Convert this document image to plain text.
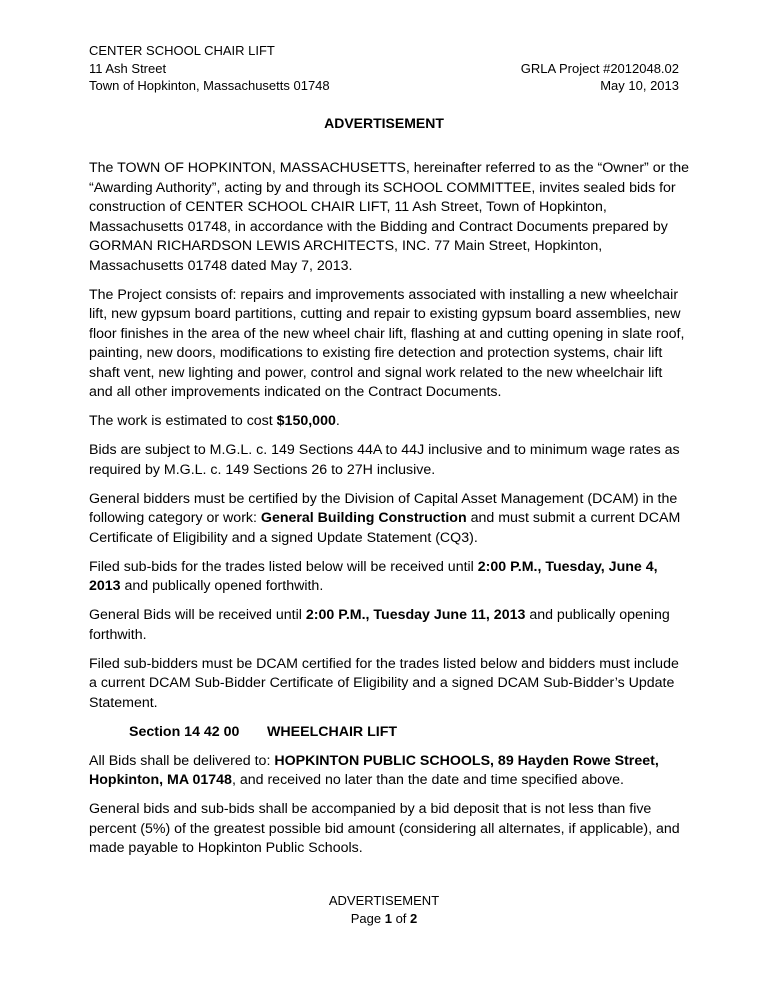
CENTER SCHOOL CHAIR LIFT
11 Ash Street
Town of Hopkinton, Massachusetts 01748
GRLA Project #2012048.02
May 10, 2013
ADVERTISEMENT

The TOWN OF HOPKINTON, MASSACHUSETTS, hereinafter referred to as the “Owner” or the “Awarding Authority”, acting by and through its SCHOOL COMMITTEE, invites sealed bids for construction of CENTER SCHOOL CHAIR LIFT, 11 Ash Street, Town of Hopkinton, Massachusetts 01748, in accordance with the Bidding and Contract Documents prepared by GORMAN RICHARDSON LEWIS ARCHITECTS, INC. 77 Main Street, Hopkinton, Massachusetts 01748 dated May 7, 2013.

The Project consists of: repairs and improvements associated with installing a new wheelchair lift, new gypsum board partitions, cutting and repair to existing gypsum board assemblies, new floor finishes in the area of the new wheel chair lift, flashing at and cutting opening in slate roof, painting, new doors, modifications to existing fire detection and protection systems, chair lift shaft vent, new lighting and power, control and signal work related to the new wheelchair lift and all other improvements indicated on the Contract Documents.

The work is estimated to cost $150,000.

Bids are subject to M.G.L. c. 149 Sections 44A to 44J inclusive and to minimum wage rates as required by M.G.L. c. 149 Sections 26 to 27H inclusive.

General bidders must be certified by the Division of Capital Asset Management (DCAM) in the following category or work: General Building Construction and must submit a current DCAM Certificate of Eligibility and a signed Update Statement (CQ3).

Filed sub-bids for the trades listed below will be received until 2:00 P.M., Tuesday, June 4, 2013 and publically opened forthwith.

General Bids will be received until 2:00 P.M., Tuesday June 11, 2013 and publically opening forthwith.

Filed sub-bidders must be DCAM certified for the trades listed below and bidders must include a current DCAM Sub-Bidder Certificate of Eligibility and a signed DCAM Sub-Bidder’s Update Statement.

Section 14 42 00 WHEELCHAIR LIFT

All Bids shall be delivered to: HOPKINTON PUBLIC SCHOOLS, 89 Hayden Rowe Street, Hopkinton, MA 01748, and received no later than the date and time specified above.

General bids and sub-bids shall be accompanied by a bid deposit that is not less than five percent (5%) of the greatest possible bid amount (considering all alternates, if applicable), and made payable to Hopkinton Public Schools.

ADVERTISEMENT
Page 1 of 2
